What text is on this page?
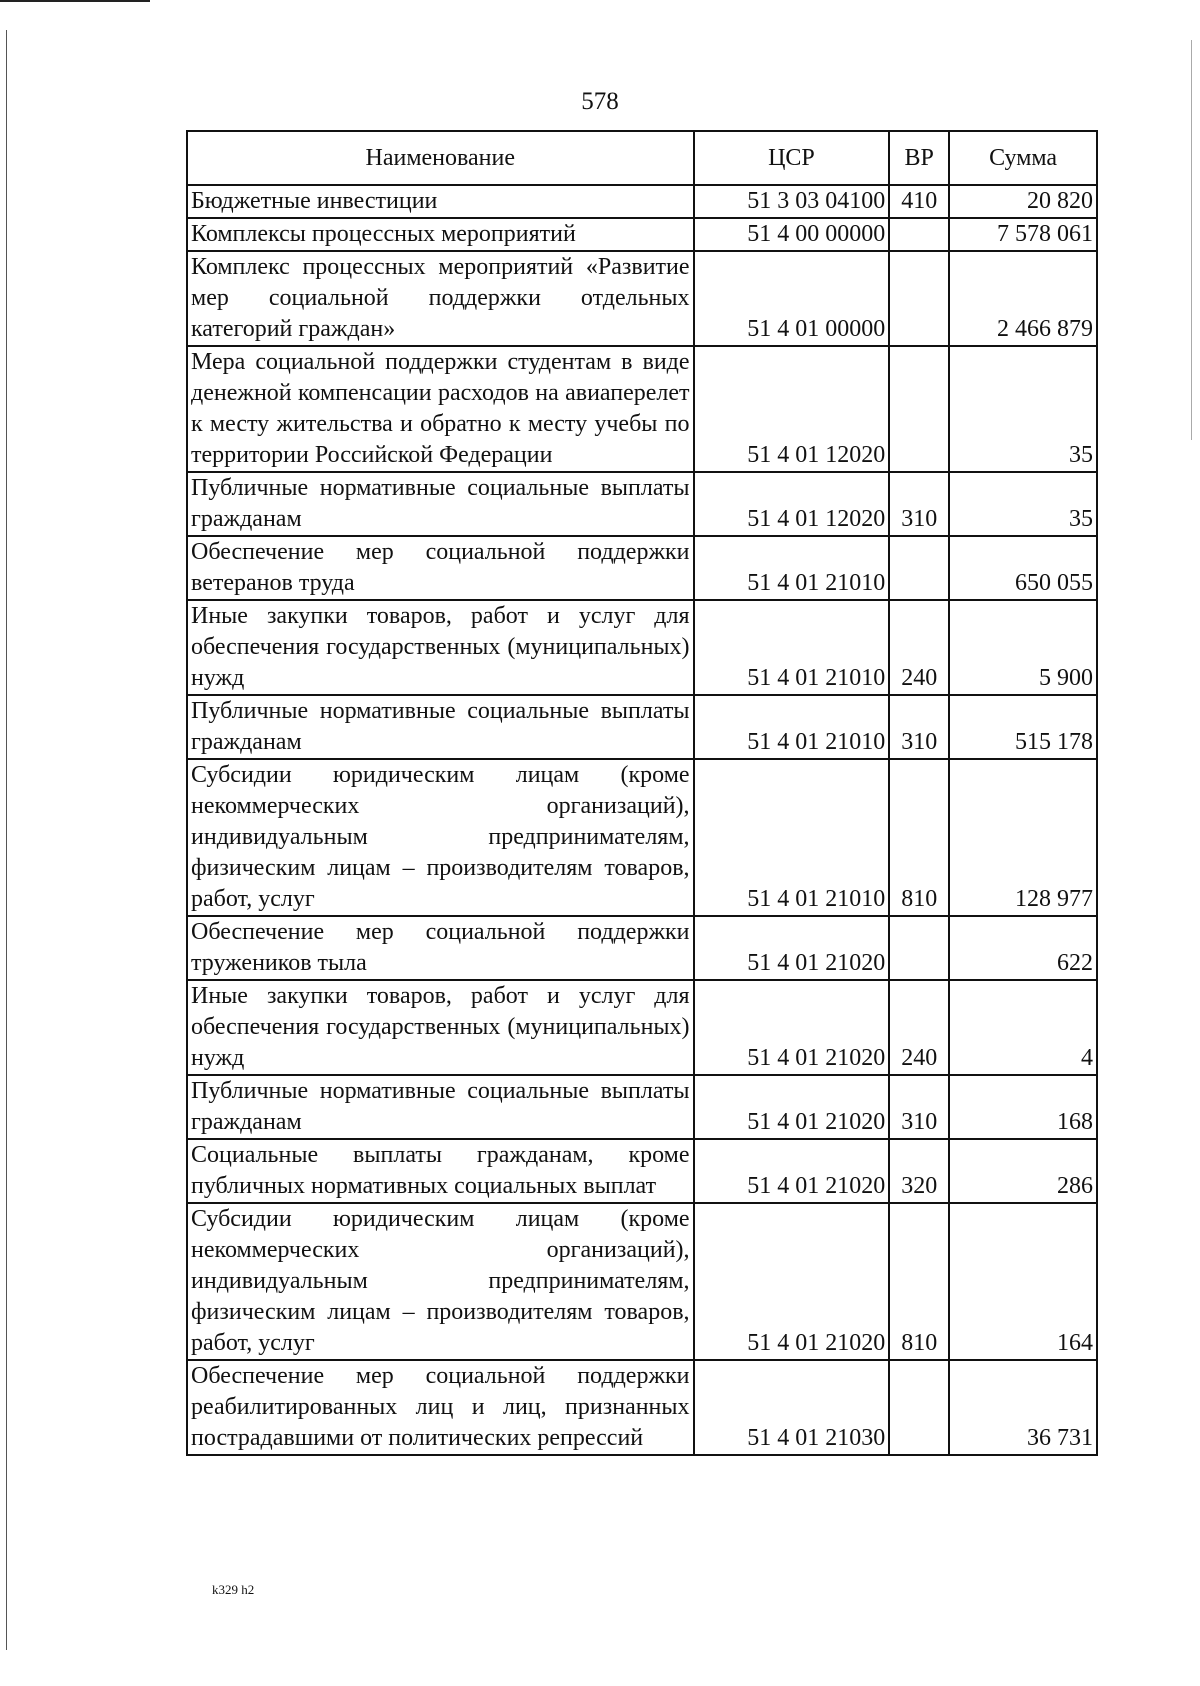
578
Наименование	ЦСР	ВР	Сумма
Бюджетные инвестиции	51 3 03 04100	410	20 820
Комплексы процессных мероприятий	51 4 00 00000		7 578 061
Комплекс процессных мероприятий «Развитие мер социальной поддержки отдельных категорий граждан»	51 4 01 00000		2 466 879
Мера социальной поддержки студентам в виде денежной компенсации расходов на авиаперелет к месту жительства и обратно к месту учебы по территории Российской Федерации	51 4 01 12020		35
Публичные нормативные социальные выплаты гражданам	51 4 01 12020	310	35
Обеспечение мер социальной поддержки ветеранов труда	51 4 01 21010		650 055
Иные закупки товаров, работ и услуг для обеспечения государственных (муниципальных) нужд	51 4 01 21010	240	5 900
Публичные нормативные социальные выплаты гражданам	51 4 01 21010	310	515 178
Субсидии юридическим лицам (кроме некоммерческих организаций), индивидуальным предпринимателям, физическим лицам – производителям товаров, работ, услуг	51 4 01 21010	810	128 977
Обеспечение мер социальной поддержки тружеников тыла	51 4 01 21020		622
Иные закупки товаров, работ и услуг для обеспечения государственных (муниципальных) нужд	51 4 01 21020	240	4
Публичные нормативные социальные выплаты гражданам	51 4 01 21020	310	168
Социальные выплаты гражданам, кроме публичных нормативных социальных выплат	51 4 01 21020	320	286
Субсидии юридическим лицам (кроме некоммерческих организаций), индивидуальным предпринимателям, физическим лицам – производителям товаров, работ, услуг	51 4 01 21020	810	164
Обеспечение мер социальной поддержки реабилитированных лиц и лиц, признанных пострадавшими от политических репрессий	51 4 01 21030		36 731
k329 h2
